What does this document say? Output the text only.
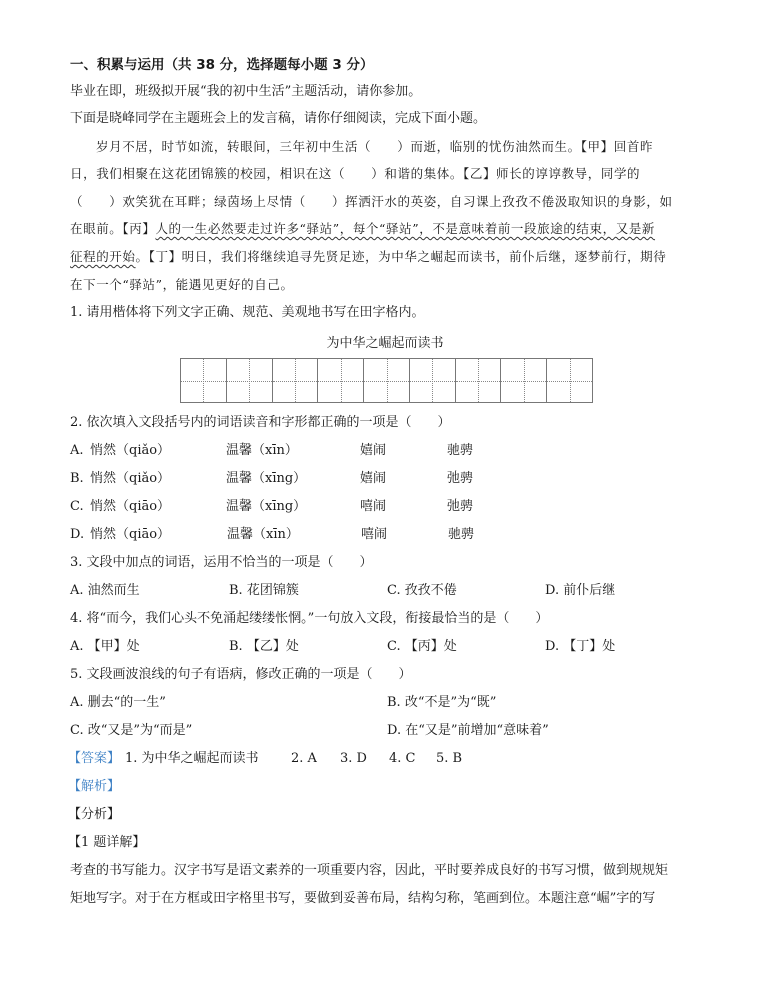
一、积累与运用（共 38 分，选择题每小题 3 分）
毕业在即，班级拟开展“我的初中生活”主题活动，请你参加。
下面是晓峰同学在主题班会上的发言稿，请你仔细阅读，完成下面小题。
岁月不居，时节如流，转眼间，三年初中生活（　　）而逝，临别的忧伤油然而生。【甲】回首昨
日，我们相聚在这花团锦簇的校园，相识在这（　　）和谐的集体。【乙】师长的谆谆教导，同学的
（　　）欢笑犹在耳畔；绿茵场上尽情（　　）挥洒汗水的英姿，自习课上孜孜不倦汲取知识的身影，如
在眼前。【丙】人的一生必然要走过许多“驿站”，每个“驿站”，不是意味着前一段旅途的结束，又是新
征程的开始。【丁】明日，我们将继续追寻先贤足迹，为中华之崛起而读书，前仆后继，逐梦前行，期待
在下一个“驿站”，能遇见更好的自己。
1. 请用楷体将下列文字正确、规范、美观地书写在田字格内。
为中华之崛起而读书
2. 依次填入文段括号内的词语读音和字形都正确的一项是（　　）
A. 悄然（qiǎo）	温馨（xīn）	嬉闹	驰骋
B. 悄然（qiǎo）	温馨（xīng）	嬉闹	弛骋
C. 悄然（qiāo）	温馨（xīng）	嘻闹	弛骋
D. 悄然（qiāo）	温馨（xīn）	嘻闹	驰骋
3. 文段中加点的词语，运用不恰当的一项是（　　）
A. 油然而生	B. 花团锦簇	C. 孜孜不倦	D. 前仆后继
4. 将“而今，我们心头不免涌起缕缕怅惘。”一句放入文段，衔接最恰当的是（　　）
A. 【甲】处	B. 【乙】处	C. 【丙】处	D. 【丁】处
5. 文段画波浪线的句子有语病，修改正确的一项是（　　）
A. 删去“的一生”	B. 改“不是”为“既”
C. 改“又是”为“而是”	D. 在“又是”前增加“意味着”
【答案】 1. 为中华之崛起而读书 2. A 3. D 4. C 5. B
【解析】
【分析】
【1 题详解】
考查的书写能力。汉字书写是语文素养的一项重要内容，因此，平时要养成良好的书写习惯，做到规规矩
矩地写字。对于在方框或田字格里书写，要做到妥善布局，结构匀称，笔画到位。本题注意“崛”字的写
